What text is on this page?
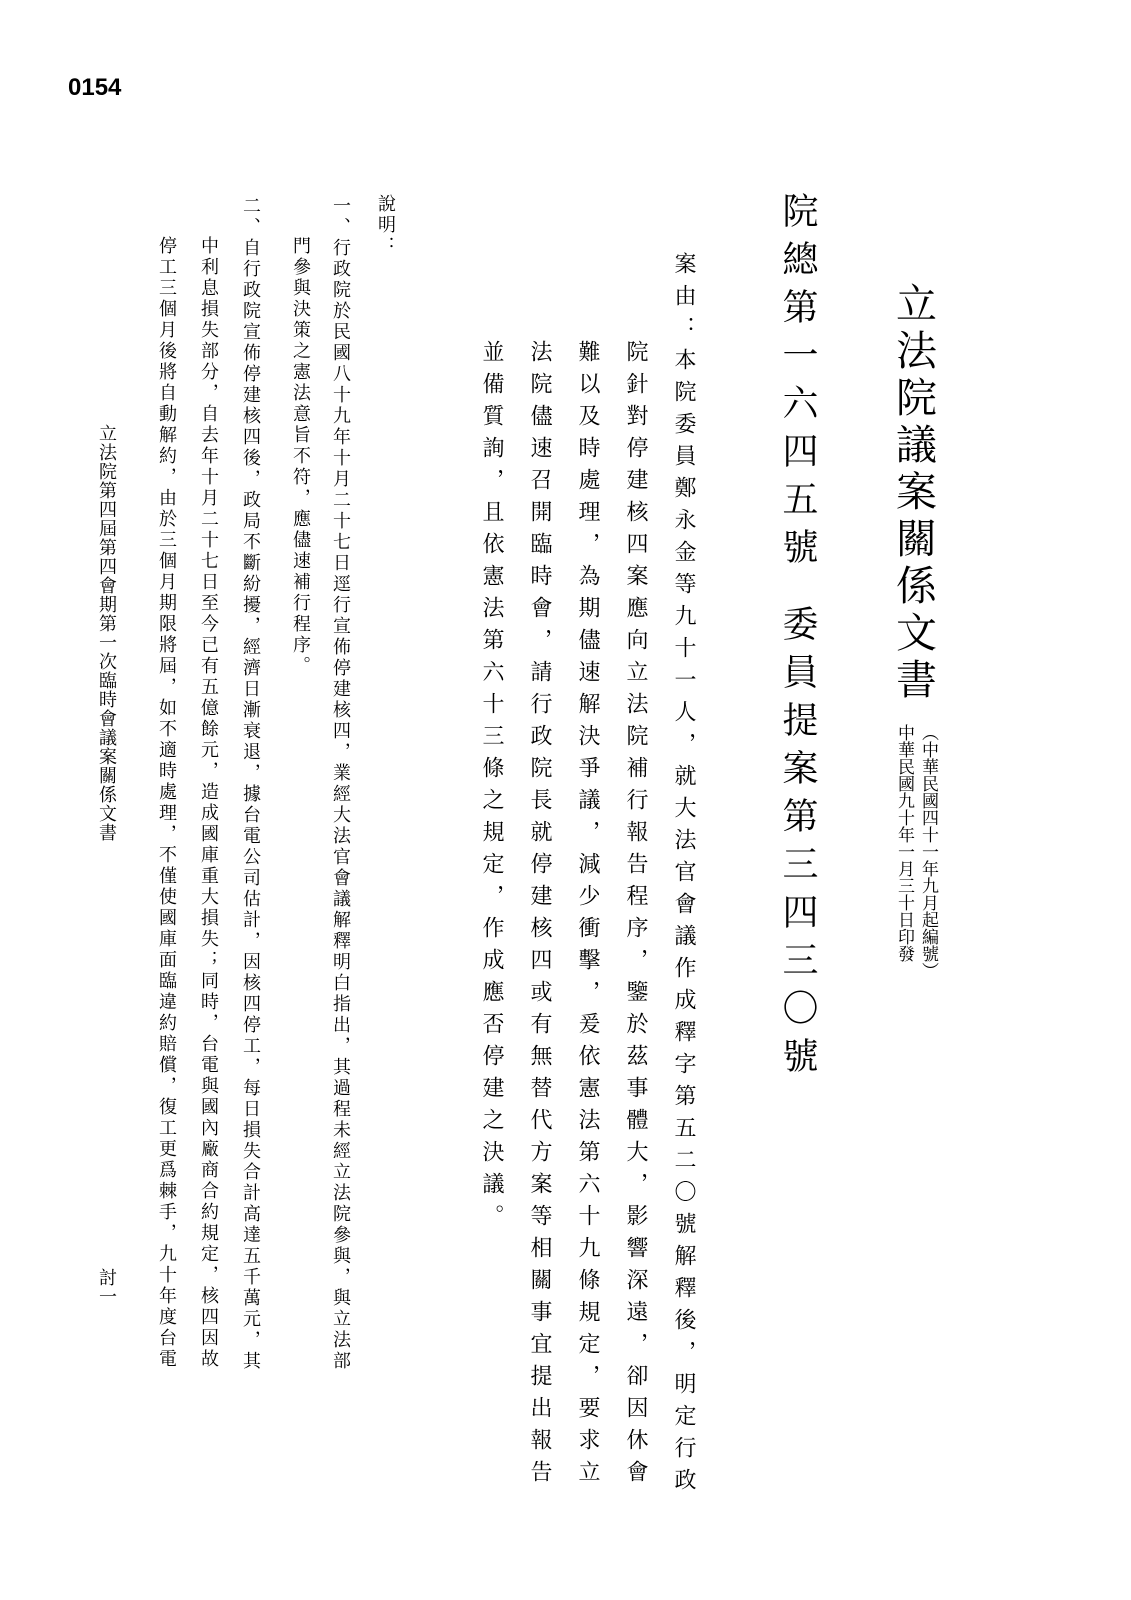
0154
立法院議案關係文書
（中華民國四十一年九月起編號）
中華民國九十年一月三十日印發
院總第一六四五號
委員提案第三四三〇號
案由：本院委員鄭永金等九十一人，就大法官會議作成釋字第五二〇號解釋後，明定行政
院針對停建核四案應向立法院補行報告程序，鑒於茲事體大，影響深遠，卻因休會
難以及時處理，為期儘速解決爭議，減少衝擊，爰依憲法第六十九條規定，要求立
法院儘速召開臨時會，請行政院長就停建核四或有無替代方案等相關事宜提出報告
並備質詢，且依憲法第六十三條之規定，作成應否停建之決議。
說明：
一、行政院於民國八十九年十月二十七日逕行宣佈停建核四，業經大法官會議解釋明白指出，其過程未經立法院參與，與立法部
門參與決策之憲法意旨不符，應儘速補行程序。
二、自行政院宣佈停建核四後，政局不斷紛擾，經濟日漸衰退，據台電公司估計，因核四停工，每日損失合計高達五千萬元，其
中利息損失部分，自去年十月二十七日至今已有五億餘元，造成國庫重大損失；同時，台電與國內廠商合約規定，核四因故
停工三個月後將自動解約，由於三個月期限將屆，如不適時處理，不僅使國庫面臨違約賠償，復工更爲棘手，九十年度台電
立法院第四屆第四會期第一次臨時會議案關係文書
討一
